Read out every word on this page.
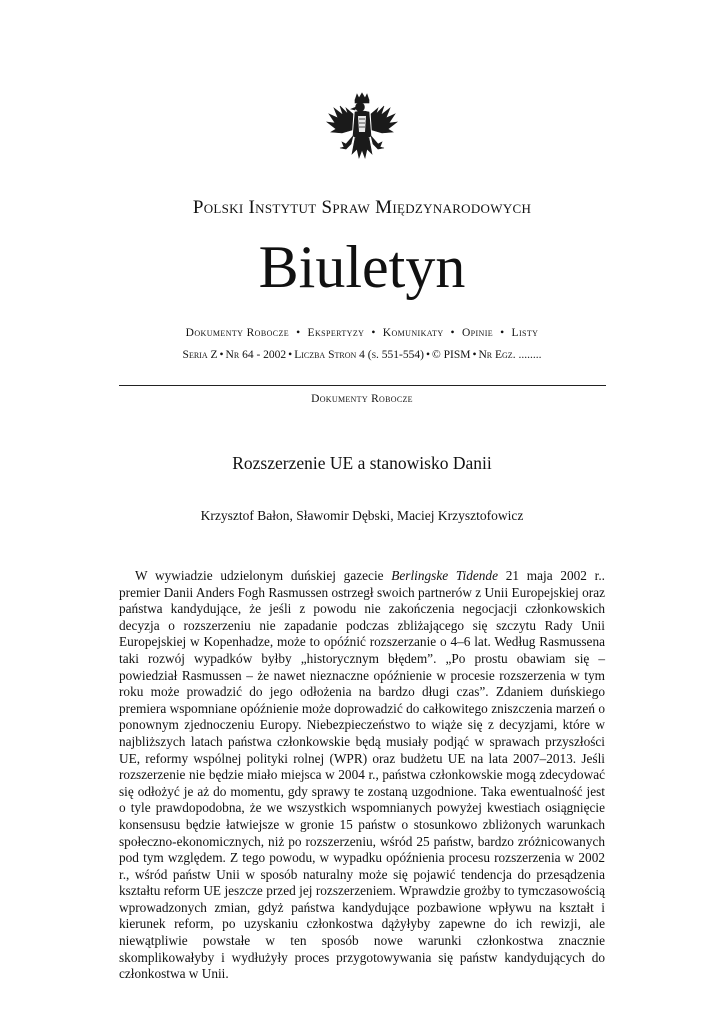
Polski Instytut Spraw Międzynarodowych
Biuletyn
Dokumenty Robocze • Ekspertyzy • Komunikaty • Opinie • Listy
Seria Z • Nr 64 - 2002 • Liczba Stron 4 (s. 551-554) • © PISM • Nr Egz. ........
Dokumenty Robocze
Rozszerzenie UE a stanowisko Danii
Krzysztof Bałon, Sławomir Dębski, Maciej Krzysztofowicz

W wywiadzie udzielonym duńskiej gazecie Berlingske Tidende 21 maja 2002 r.. premier Danii Anders Fogh Rasmussen ostrzegł swoich partnerów z Unii Europejskiej oraz państwa kandydujące, że jeśli z powodu nie zakończenia negocjacji członkowskich decyzja o rozszerzeniu nie zapadanie podczas zbliżającego się szczytu Rady Unii Europejskiej w Kopenhadze, może to opóźnić rozszerzanie o 4–6 lat. Według Rasmussena taki rozwój wypadków byłby „historycznym błędem”. „Po prostu obawiam się – powiedział Rasmussen – że nawet nieznaczne opóźnienie w procesie rozszerzenia w tym roku może prowadzić do jego odłożenia na bardzo długi czas”. Zdaniem duńskiego premiera wspomniane opóźnienie może doprowadzić do całkowitego zniszczenia marzeń o ponownym zjednoczeniu Europy. Niebezpieczeństwo to wiąże się z decyzjami, które w najbliższych latach państwa członkowskie będą musiały podjąć w sprawach przyszłości UE, reformy wspólnej polityki rolnej (WPR) oraz budżetu UE na lata 2007–2013. Jeśli rozszerzenie nie będzie miało miejsca w 2004 r., państwa członkowskie mogą zdecydować się odłożyć je aż do momentu, gdy sprawy te zostaną uzgodnione. Taka ewentualność jest o tyle prawdopodobna, że we wszystkich wspomnianych powyżej kwestiach osiągnięcie konsensusu będzie łatwiejsze w gronie 15 państw o stosunkowo zbliżonych warunkach społeczno-ekonomicznych, niż po rozszerzeniu, wśród 25 państw, bardzo zróżnicowanych pod tym względem. Z tego powodu, w wypadku opóźnienia procesu rozszerzenia w 2002 r., wśród państw Unii w sposób naturalny może się pojawić tendencja do przesądzenia kształtu reform UE jeszcze przed jej rozszerzeniem. Wprawdzie grożby to tymczasowością wprowadzonych zmian, gdyż państwa kandydujące pozbawione wpływu na kształt i kierunek reform, po uzyskaniu członkostwa dążyłyby zapewne do ich rewizji, ale niewątpliwie powstałe w ten sposób nowe warunki członkostwa znacznie skomplikowałyby i wydłużyły proces przygotowywania się państw kandydujących do członkostwa w Unii.
